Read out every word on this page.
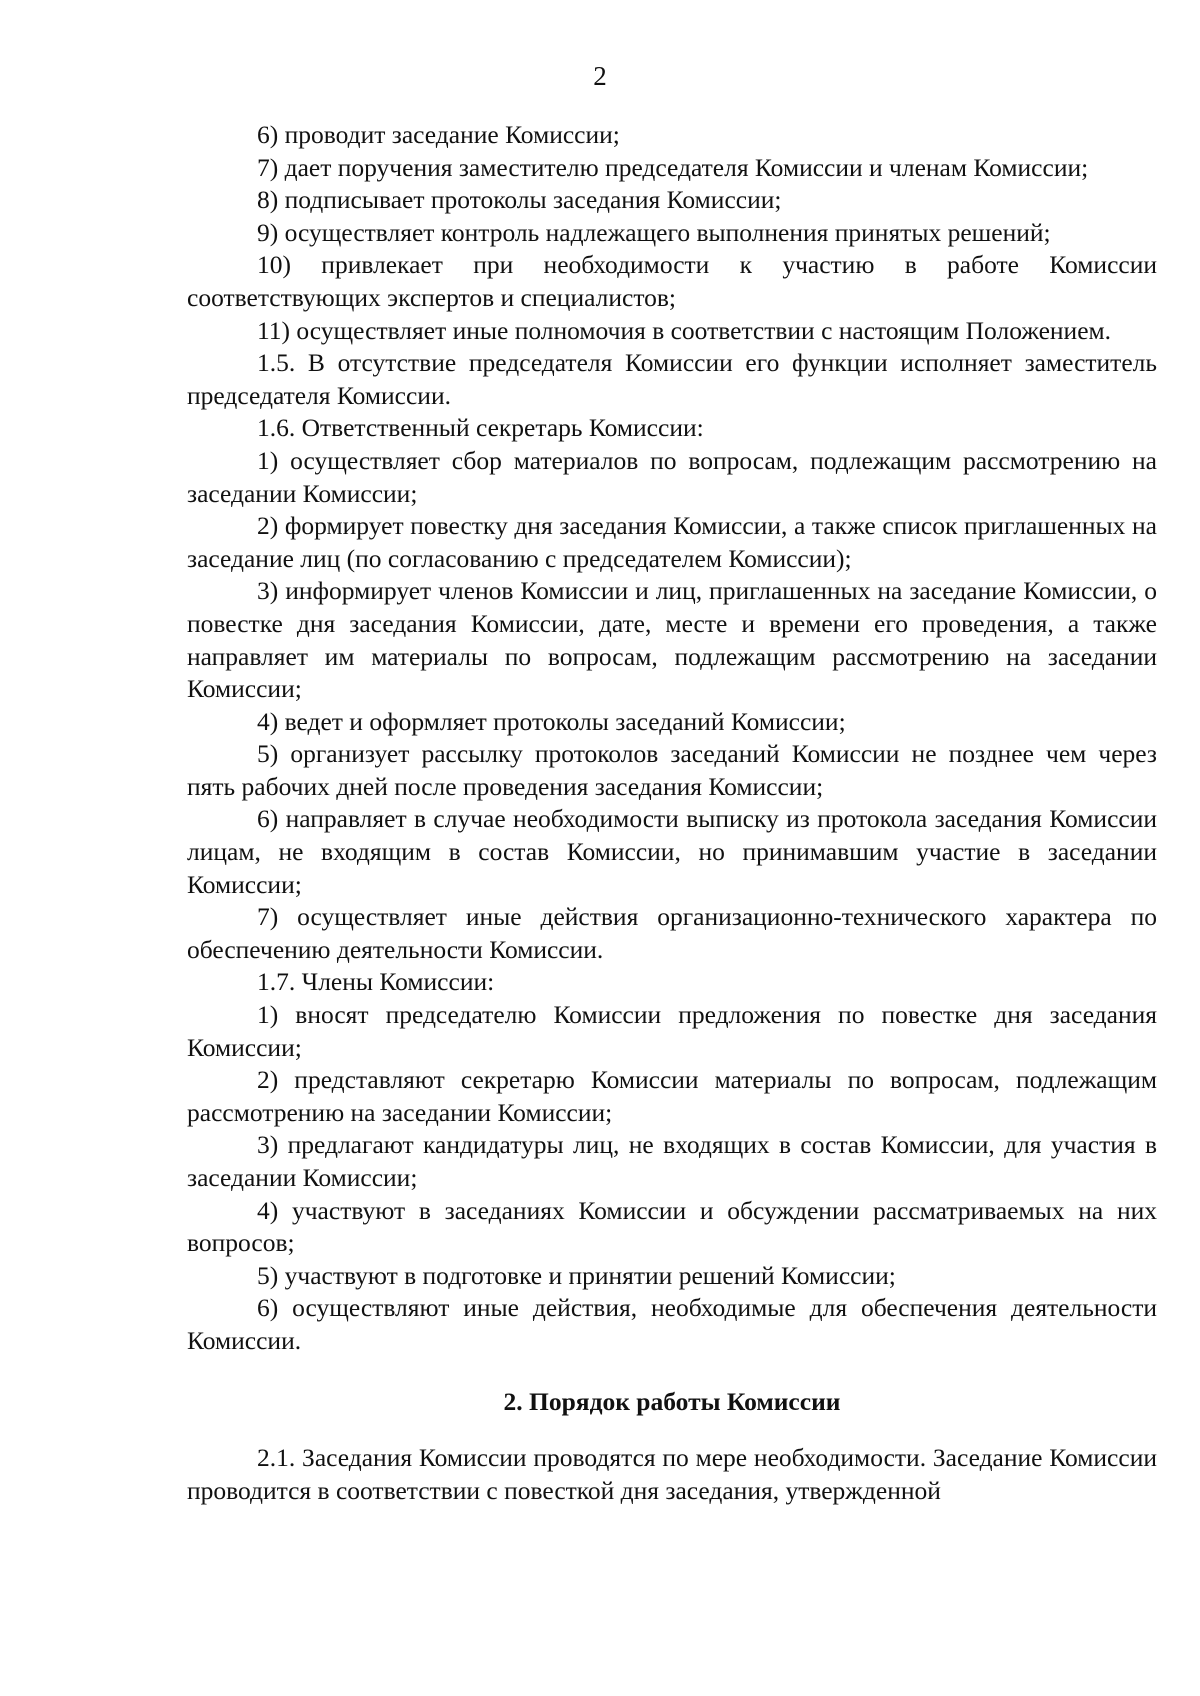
2

6) проводит заседание Комиссии;

7) дает поручения заместителю председателя Комиссии и членам Комиссии;

8) подписывает протоколы заседания Комиссии;

9) осуществляет контроль надлежащего выполнения принятых решений;

10) привлекает при необходимости к участию в работе Комиссии соответствующих экспертов и специалистов;

11) осуществляет иные полномочия в соответствии с настоящим Положением.

1.5. В отсутствие председателя Комиссии его функции исполняет заместитель председателя Комиссии.

1.6. Ответственный секретарь Комиссии:

1) осуществляет сбор материалов по вопросам, подлежащим рассмотрению на заседании Комиссии;

2) формирует повестку дня заседания Комиссии, а также список приглашенных на заседание лиц (по согласованию с председателем Комиссии);

3) информирует членов Комиссии и лиц, приглашенных на заседание Комиссии, о повестке дня заседания Комиссии, дате, месте и времени его проведения, а также направляет им материалы по вопросам, подлежащим рассмотрению на заседании Комиссии;

4) ведет и оформляет протоколы заседаний Комиссии;

5) организует рассылку протоколов заседаний Комиссии не позднее чем через пять рабочих дней после проведения заседания Комиссии;

6) направляет в случае необходимости выписку из протокола заседания Комиссии лицам, не входящим в состав Комиссии, но принимавшим участие в заседании Комиссии;

7) осуществляет иные действия организационно-технического характера по обеспечению деятельности Комиссии.

1.7. Члены Комиссии:

1) вносят председателю Комиссии предложения по повестке дня заседания Комиссии;

2) представляют секретарю Комиссии материалы по вопросам, подлежащим рассмотрению на заседании Комиссии;

3) предлагают кандидатуры лиц, не входящих в состав Комиссии, для участия в заседании Комиссии;

4) участвуют в заседаниях Комиссии и обсуждении рассматриваемых на них вопросов;

5) участвуют в подготовке и принятии решений Комиссии;

6) осуществляют иные действия, необходимые для обеспечения деятельности Комиссии.

2. Порядок работы Комиссии

2.1. Заседания Комиссии проводятся по мере необходимости. Заседание Комиссии проводится в соответствии с повесткой дня заседания, утвержденной
